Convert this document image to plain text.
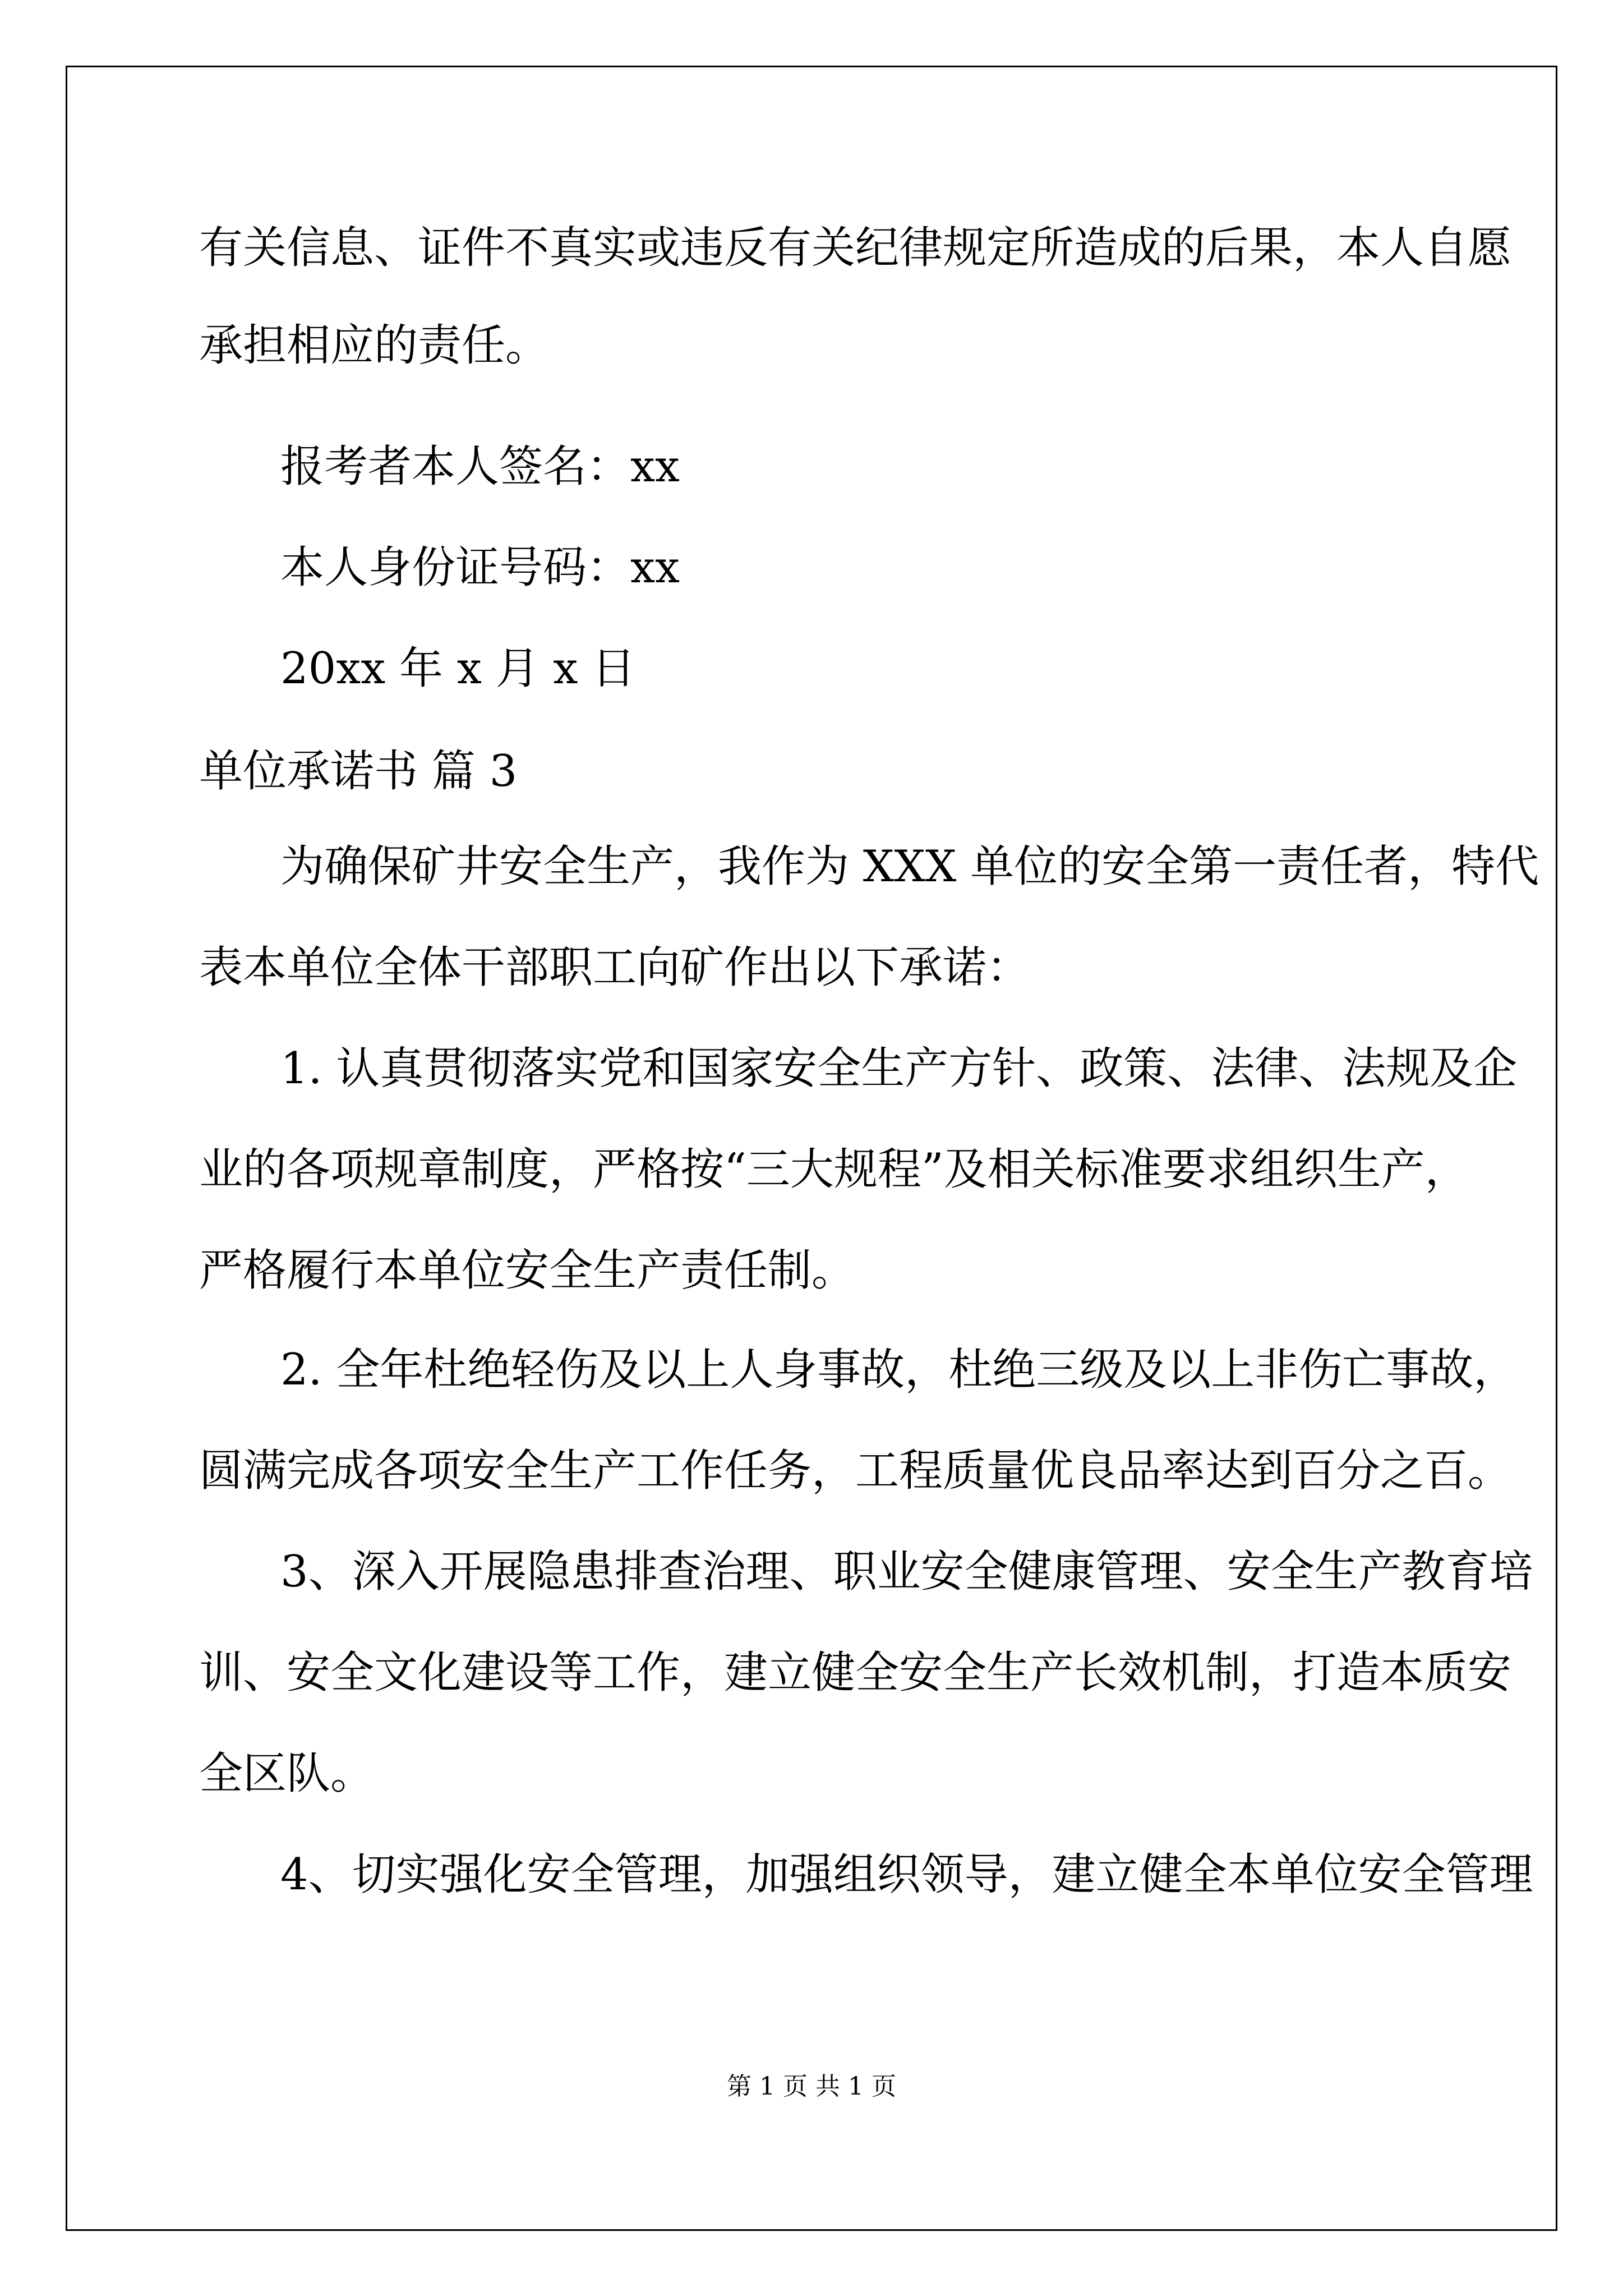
有关信息、证件不真实或违反有关纪律规定所造成的后果，本人自愿

承担相应的责任。

报考者本人签名：xx

本人身份证号码：xx

20xx 年 x 月 x 日

单位承诺书 篇 3

为确保矿井安全生产，我作为 XXX 单位的安全第一责任者，特代

表本单位全体干部职工向矿作出以下承诺：

1. 认真贯彻落实党和国家安全生产方针、政策、法律、法规及企

业的各项规章制度，严格按“三大规程”及相关标准要求组织生产，

严格履行本单位安全生产责任制。

2. 全年杜绝轻伤及以上人身事故，杜绝三级及以上非伤亡事故，

圆满完成各项安全生产工作任务，工程质量优良品率达到百分之百。

3、深入开展隐患排查治理、职业安全健康管理、安全生产教育培

训、安全文化建设等工作，建立健全安全生产长效机制，打造本质安

全区队。

4、切实强化安全管理，加强组织领导，建立健全本单位安全管理

第 1 页 共 1 页
